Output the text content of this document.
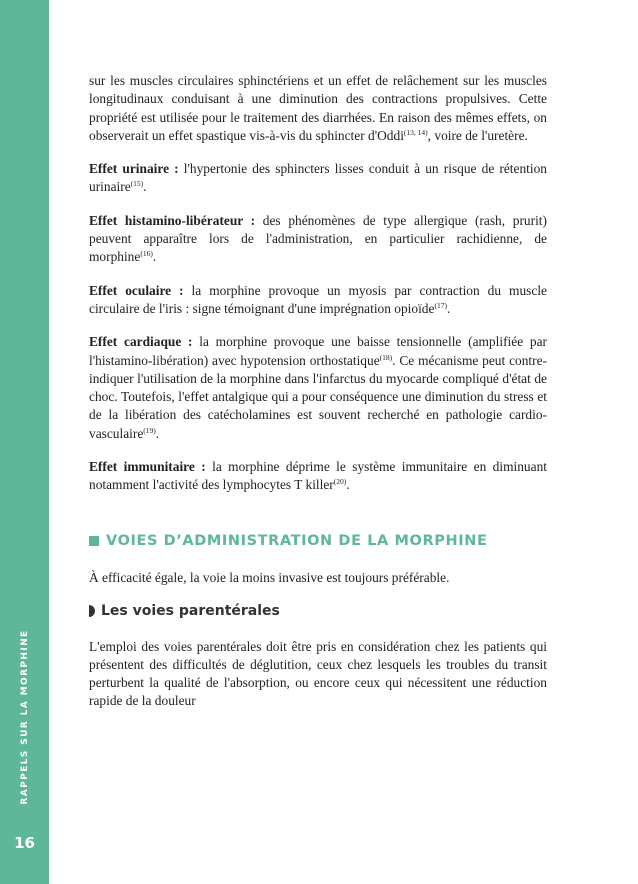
RAPPELS SUR LA MORPHINE
16

sur les muscles circulaires sphinctériens et un effet de relâchement sur les muscles longitudinaux conduisant à une diminution des contractions propulsives. Cette propriété est utilisée pour le traitement des diarrhées. En raison des mêmes effets, on observerait un effet spastique vis-à-vis du sphincter d'Oddi$^{(13, 14)}$, voire de l'uretère.

Effet urinaire : l'hypertonie des sphincters lisses conduit à un risque de rétention urinaire$^{(15)}$.

Effet histamino-libérateur : des phénomènes de type allergique (rash, prurit) peuvent apparaître lors de l'administration, en particulier rachidienne, de morphine$^{(16)}$.

Effet oculaire : la morphine provoque un myosis par contraction du muscle circulaire de l'iris : signe témoignant d'une imprégnation opioïde$^{(17)}$.

Effet cardiaque : la morphine provoque une baisse tensionnelle (amplifiée par l'histamino-libération) avec hypotension orthostatique$^{(18)}$. Ce mécanisme peut contre-indiquer l'utilisation de la morphine dans l'infarctus du myocarde compliqué d'état de choc. Toutefois, l'effet antalgique qui a pour conséquence une diminution du stress et de la libération des catécholamines est souvent recherché en pathologie cardio-vasculaire$^{(19)}$.

Effet immunitaire : la morphine déprime le système immunitaire en diminuant notamment l'activité des lymphocytes T killer$^{(20)}$.

VOIES D’ADMINISTRATION DE LA MORPHINE

À efficacité égale, la voie la moins invasive est toujours préférable.

Les voies parentérales

L'emploi des voies parentérales doit être pris en considération chez les patients qui présentent des difficultés de déglutition, ceux chez lesquels les troubles du transit perturbent la qualité de l'absorption, ou encore ceux qui nécessitent une réduction rapide de la douleur
